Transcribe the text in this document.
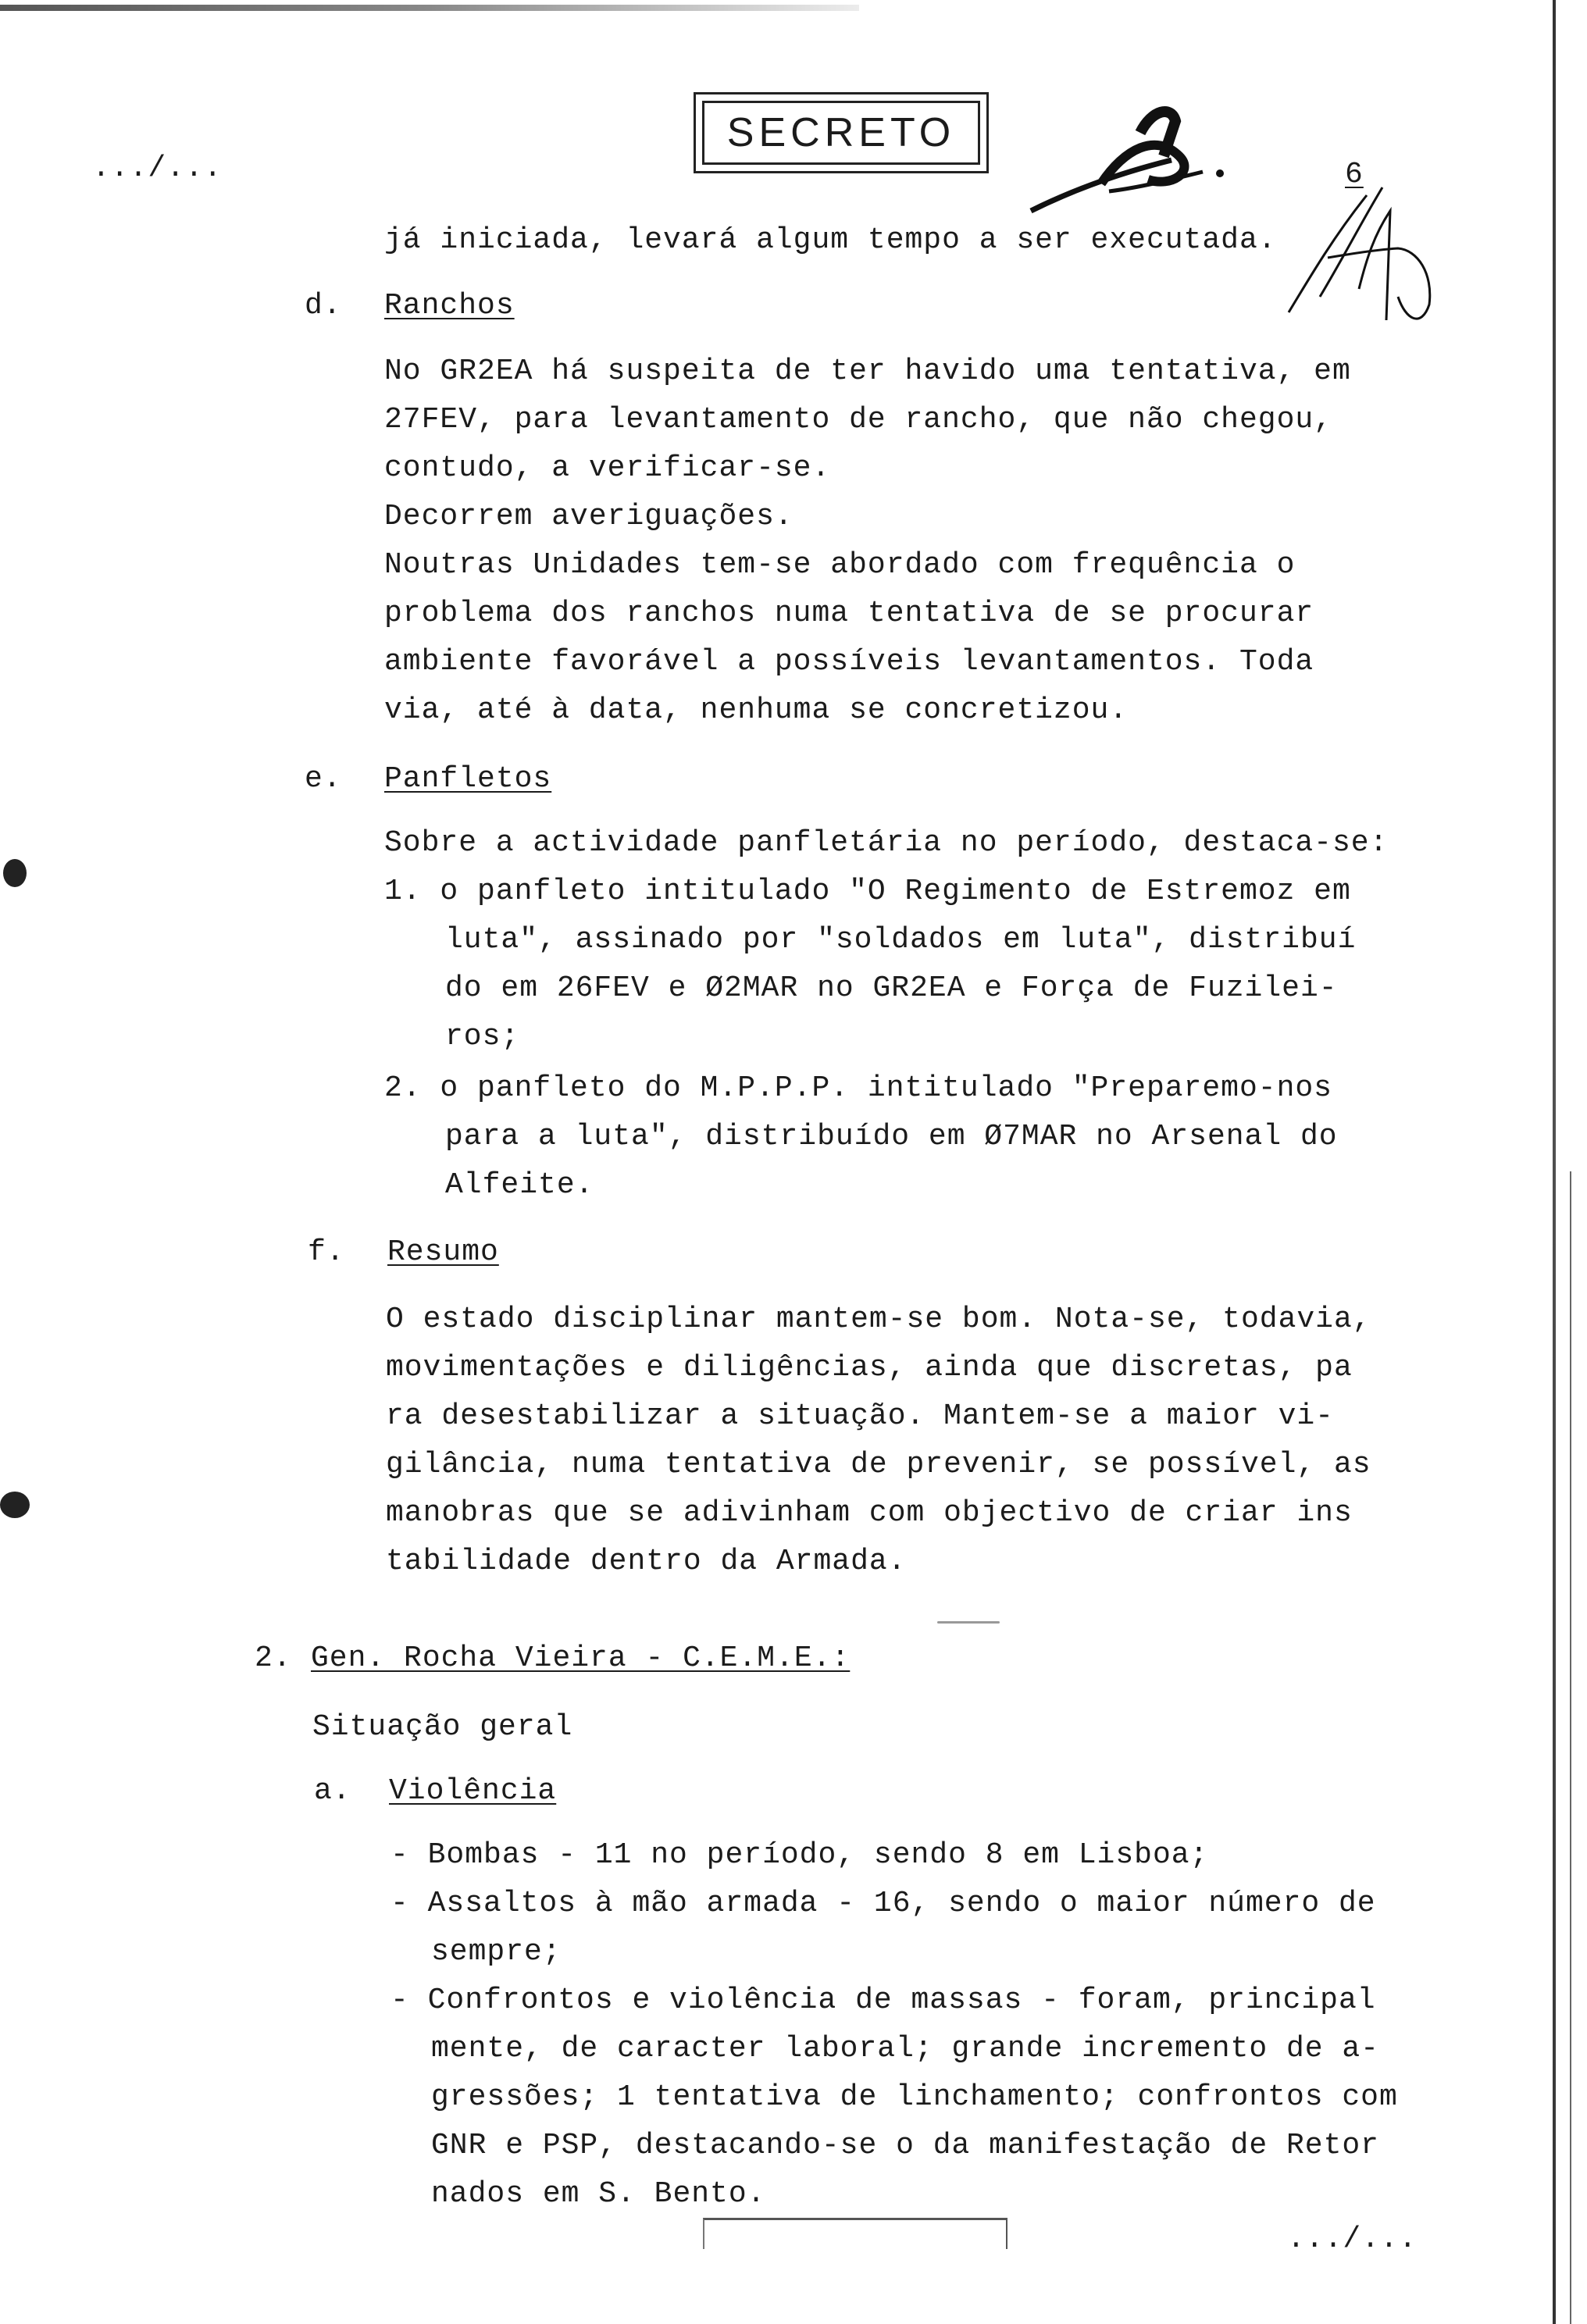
.../...
SECRETO
6
já iniciada, levará algum tempo a ser executada.
d. Ranchos
No GR2EA há suspeita de ter havido uma tentativa, em
27FEV, para levantamento de rancho, que não chegou,
contudo, a verificar-se.
Decorrem averiguações.
Noutras Unidades tem-se abordado com frequência o
problema dos ranchos numa tentativa de se procurar
ambiente favorável a possíveis levantamentos. Toda
via, até à data, nenhuma se concretizou.
e. Panfletos
Sobre a actividade panfletária no período, destaca-se:
1. o panfleto intitulado "O Regimento de Estremoz em
luta", assinado por "soldados em luta", distribuí
do em 26FEV e Ø2MAR no GR2EA e Força de Fuzilei-
ros;
2. o panfleto do M.P.P.P. intitulado "Preparemo-nos
para a luta", distribuído em Ø7MAR no Arsenal do
Alfeite.
f. Resumo
O estado disciplinar mantem-se bom. Nota-se, todavia,
movimentações e diligências, ainda que discretas, pa
ra desestabilizar a situação. Mantem-se a maior vi-
gilância, numa tentativa de prevenir, se possível, as
manobras que se adivinham com objectivo de criar ins
tabilidade dentro da Armada.
2. Gen. Rocha Vieira - C.E.M.E.:
Situação geral
a. Violência
- Bombas - 11 no período, sendo 8 em Lisboa;
- Assaltos à mão armada - 16, sendo o maior número de
sempre;
- Confrontos e violência de massas - foram, principal
mente, de caracter laboral; grande incremento de a-
gressões; 1 tentativa de linchamento; confrontos com
GNR e PSP, destacando-se o da manifestação de Retor
nados em S. Bento.
.../...
